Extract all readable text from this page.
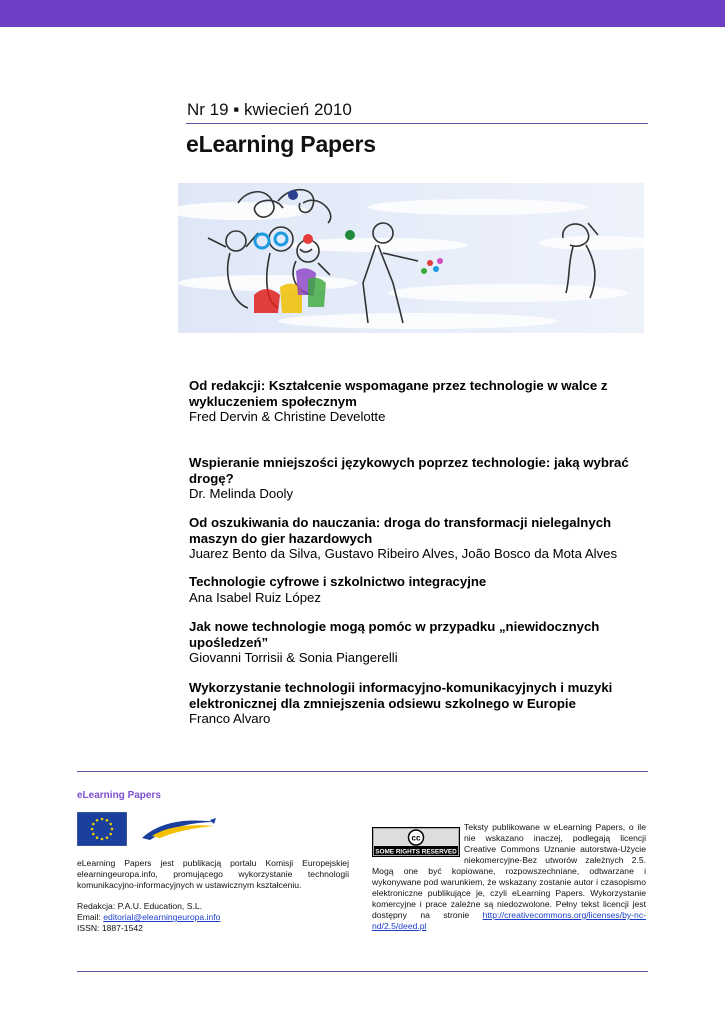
Nr 19 ▪ kwiecień 2010
eLearning Papers
Od redakcji: Kształcenie wspomagane przez technologie w walce z wykluczeniem społecznym
Fred Dervin & Christine Develotte
Wspieranie mniejszości językowych poprzez technologie: jaką wybrać drogę?
Dr. Melinda Dooly
Od oszukiwania do nauczania: droga do transformacji nielegalnych maszyn do gier hazardowych
Juarez Bento da Silva, Gustavo Ribeiro Alves, João Bosco da Mota Alves
Technologie cyfrowe i szkolnictwo integracyjne
Ana Isabel Ruiz López
Jak nowe technologie mogą pomóc w przypadku „niewidocznych upośledzeń”
Giovanni Torrisii & Sonia Piangerelli
Wykorzystanie technologii informacyjno-komunikacyjnych i muzyki elektronicznej dla zmniejszenia odsiewu szkolnego w Europie
Franco Alvaro
eLearning Papers

eLearning Papers jest publikacją portalu Komisji Europejskiej elearningeuropa.info, promującego wykorzystanie technologii komunikacyjno-informacyjnych w ustawicznym kształceniu.

Redakcja: P.A.U. Education, S.L.
Email: editorial@elearningeuropa.info
ISSN: 1887-1542
Teksty publikowane w eLearning Papers, o ile nie wskazano inaczej, podlegają licencji Creative Commons Uznanie autorstwa-Użycie niekomercyjne-Bez utworów zależnych 2.5. Mogą one być kopiowane, rozpowszechniane, odtwarzane i wykonywane pod warunkiem, że wskazany zostanie autor i czasopismo elektroniczne publikujące je, czyli eLearning Papers. Wykorzystanie komercyjne i prace zależne są niedozwolone. Pełny tekst licencji jest dostępny na stronie http://creativecommons.org/licenses/by-nc-nd/2.5/deed.pl
cc
SOME RIGHTS RESERVED
